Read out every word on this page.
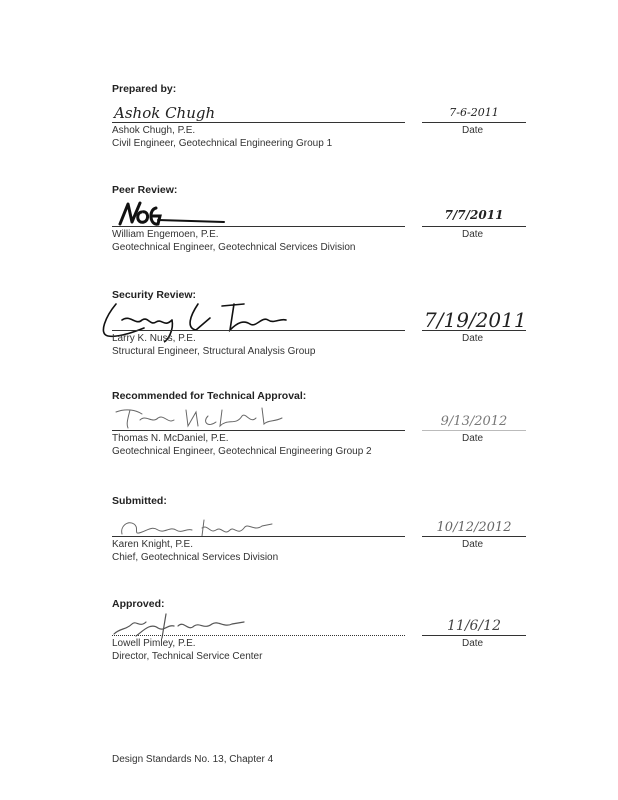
Prepared by:
Ashok Chugh	7-6-2011
Ashok Chugh, P.E.	Date
Civil Engineer, Geotechnical Engineering Group 1
Peer Review:
7/7/2011
William Engemoen, P.E.	Date
Geotechnical Engineer, Geotechnical Services Division
Security Review:
7/19/2011
Larry K. Nuss, P.E.	Date
Structural Engineer, Structural Analysis Group
Recommended for Technical Approval:
9/13/2012
Thomas N. McDaniel, P.E.	Date
Geotechnical Engineer, Geotechnical Engineering Group 2
Submitted:
10/12/2012
Karen Knight, P.E.	Date
Chief, Geotechnical Services Division
Approved:
11/6/12
Lowell Pimley, P.E.	Date
Director, Technical Service Center
Design Standards No. 13, Chapter 4
